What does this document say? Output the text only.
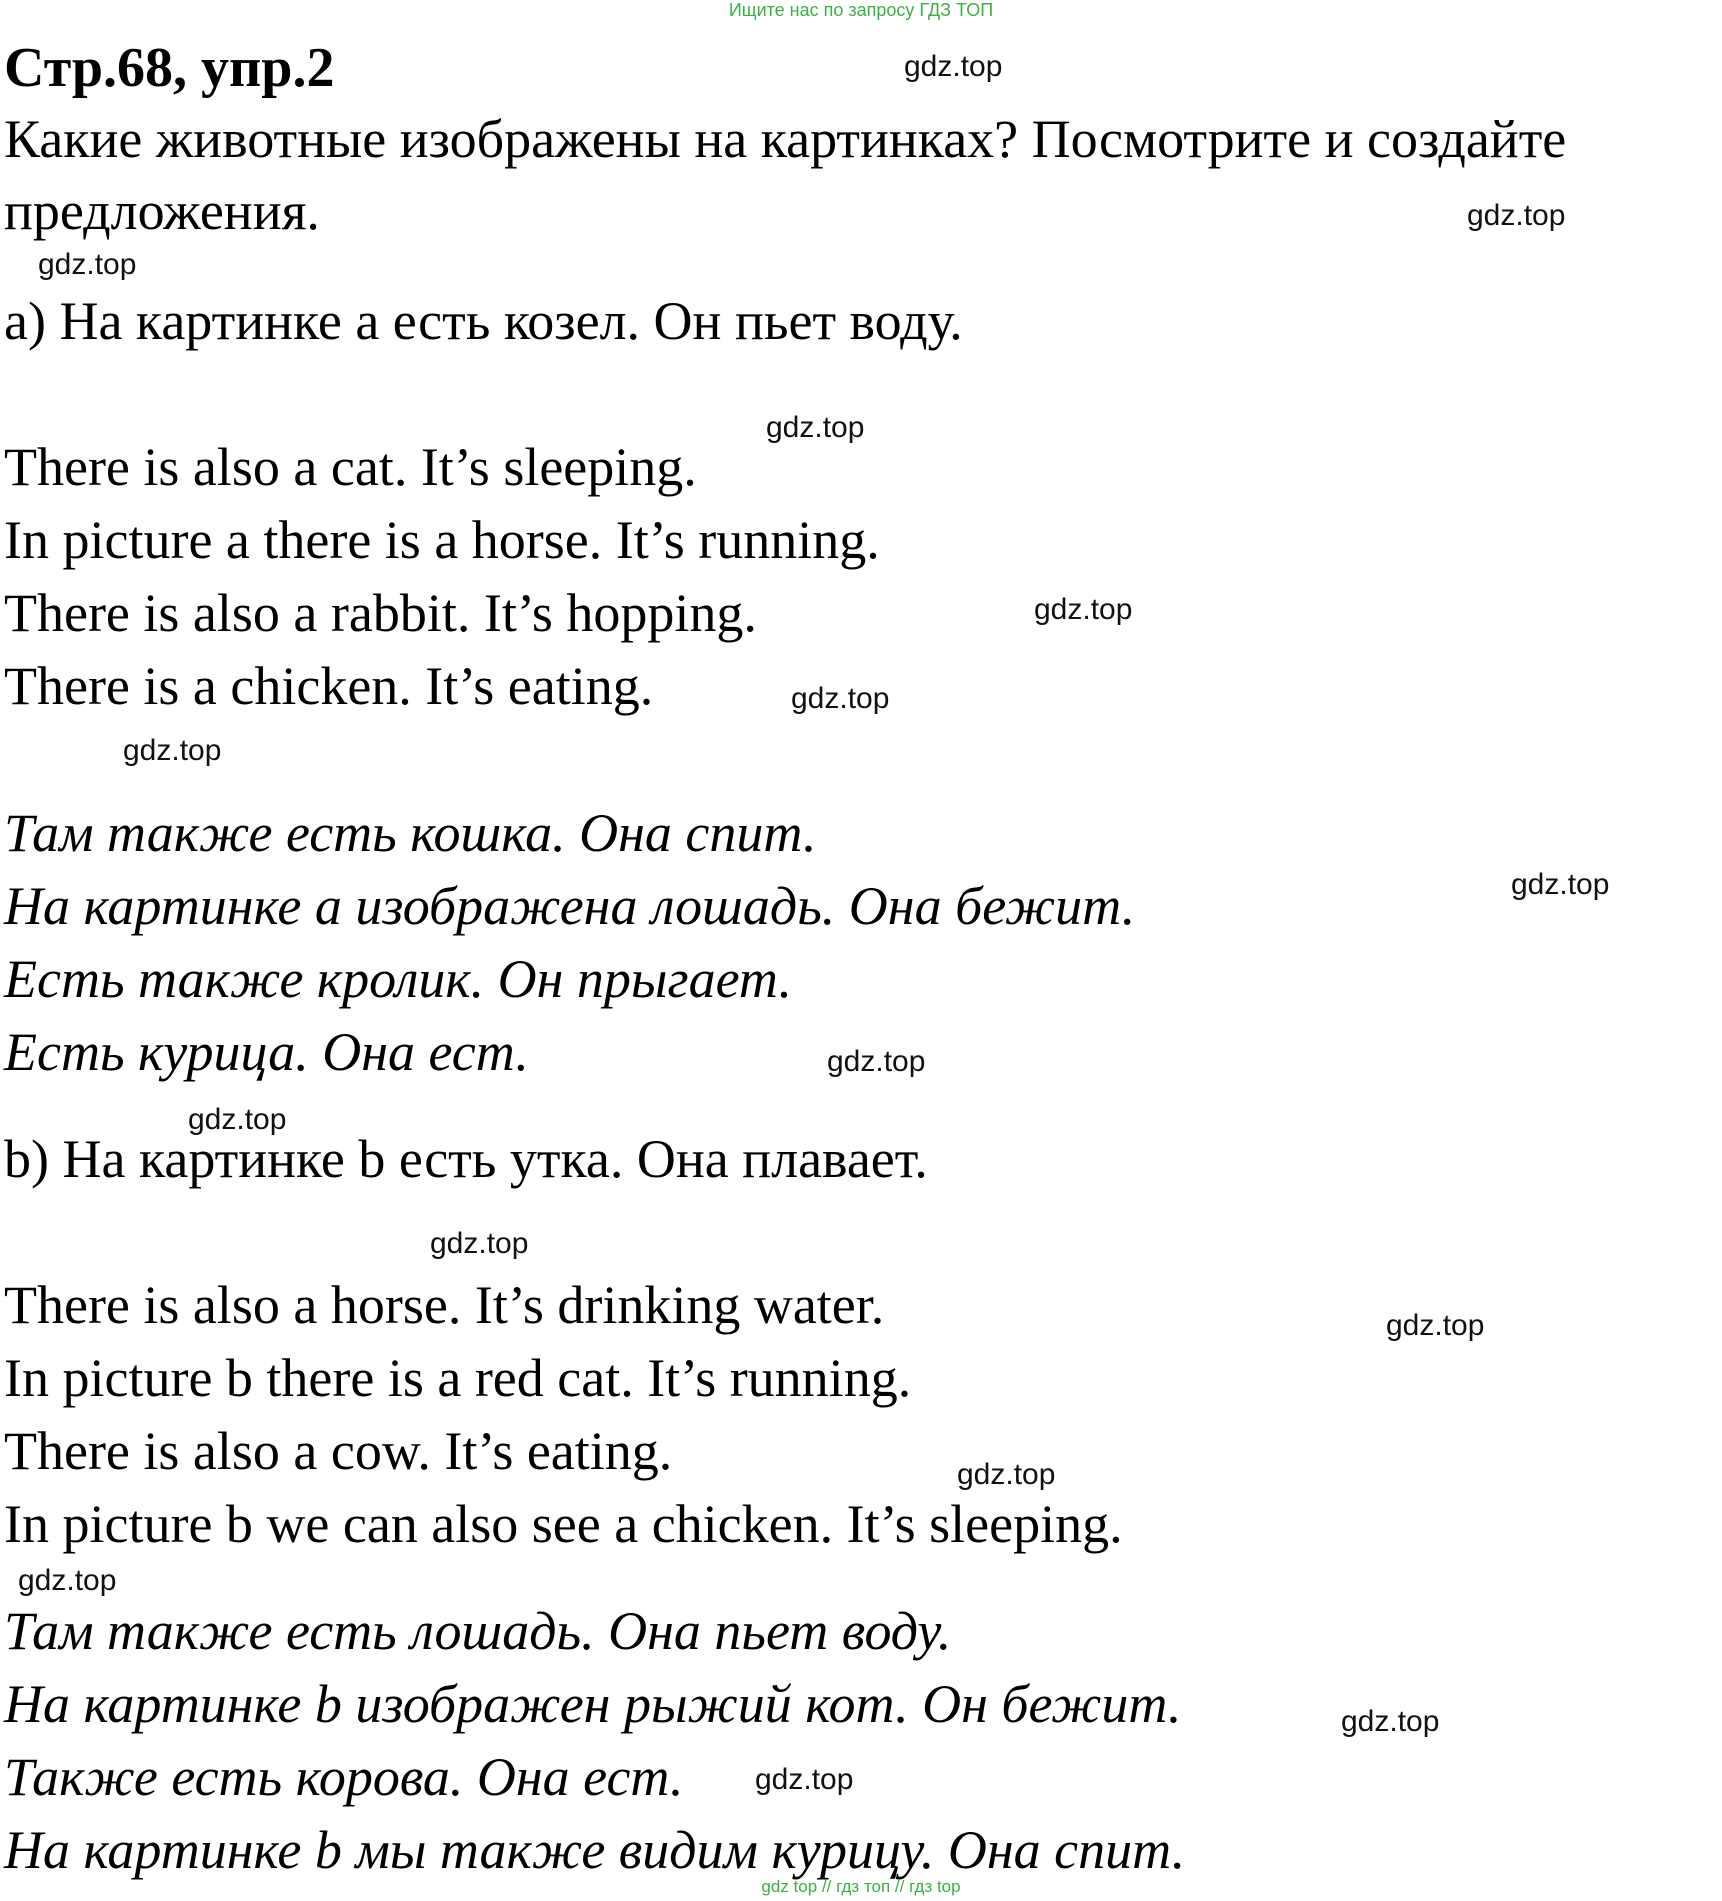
Ищите нас по запросу ГДЗ ТОП
Стр.68, упр.2
Какие животные изображены на картинках? Посмотрите и создайте
предложения.
а) На картинке а есть козел. Он пьет воду.
There is also a cat. It’s sleeping.
In picture a there is a horse. It’s running.
There is also a rabbit. It’s hopping.
There is a chicken. It’s eating.
Там также есть кошка. Она спит.
На картинке а изображена лошадь. Она бежит.
Есть также кролик. Он прыгает.
Есть курица. Она ест.
b) На картинке b есть утка. Она плавает.
There is also a horse. It’s drinking water.
In picture b there is a red cat. It’s running.
There is also a cow. It’s eating.
In picture b we can also see a chicken. It’s sleeping.
Там также есть лошадь. Она пьет воду.
На картинке b изображен рыжий кот. Он бежит.
Также есть корова. Она ест.
На картинке b мы также видим курицу. Она спит.
gdz.top
gdz.top
gdz.top
gdz.top
gdz.top
gdz.top
gdz.top
gdz.top
gdz.top
gdz.top
gdz.top
gdz.top
gdz.top
gdz.top
gdz.top
gdz.top
gdz top // гдз топ // гдз top
